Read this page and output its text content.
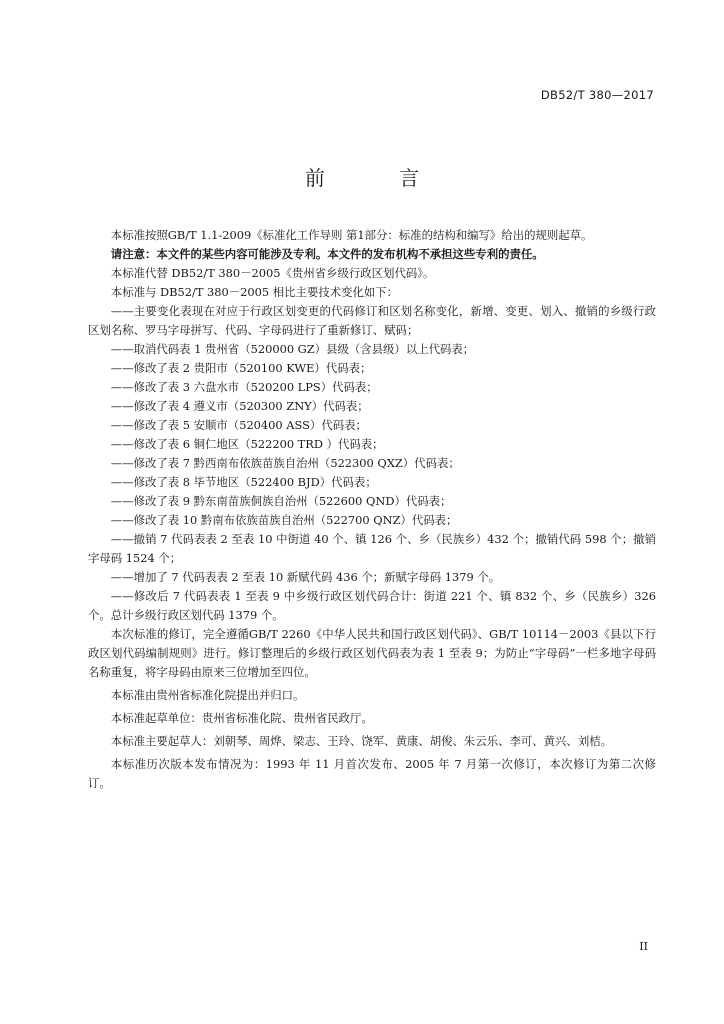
DB52/T 380—2017

前 言

本标准按照GB/T 1.1-2009《标准化工作导则 第1部分：标准的结构和编写》给出的规则起草。

请注意：本文件的某些内容可能涉及专利。本文件的发布机构不承担这些专利的责任。

本标准代替 DB52/T 380－2005《贵州省乡级行政区划代码》。

本标准与 DB52/T 380－2005 相比主要技术变化如下：

——主要变化表现在对应于行政区划变更的代码修订和区划名称变化，新增、变更、划入、撤销的乡级行政区划名称、罗马字母拼写、代码、字母码进行了重新修订、赋码；

——取消代码表 1 贵州省（520000 GZ）县级（含县级）以上代码表；

——修改了表 2 贵阳市（520100 KWE）代码表；

——修改了表 3 六盘水市（520200 LPS）代码表；

——修改了表 4 遵义市（520300 ZNY）代码表；

——修改了表 5 安顺市（520400 ASS）代码表；

——修改了表 6 铜仁地区（522200 TRD ）代码表；

——修改了表 7 黔西南布依族苗族自治州（522300 QXZ）代码表；

——修改了表 8 毕节地区（522400 BJD）代码表；

——修改了表 9 黔东南苗族侗族自治州（522600 QND）代码表；

——修改了表 10 黔南布依族苗族自治州（522700 QNZ）代码表；

——撤销 7 代码表表 2 至表 10 中街道 40 个、镇 126 个、乡（民族乡）432 个；撤销代码 598 个；撤销字母码 1524 个；

——增加了 7 代码表表 2 至表 10 新赋代码 436 个；新赋字母码 1379 个。

——修改后 7 代码表表 1 至表 9 中乡级行政区划代码合计：街道 221 个、镇 832 个、乡（民族乡）326 个。总计乡级行政区划代码 1379 个。

本次标准的修订，完全遵循GB/T 2260《中华人民共和国行政区划代码》、GB/T 10114－2003《县以下行政区划代码编制规则》进行。修订整理后的乡级行政区划代码表为表 1 至表 9；为防止“字母码”一栏多地字母码名称重复，将字母码由原来三位增加至四位。

本标准由贵州省标准化院提出并归口。

本标准起草单位：贵州省标准化院、贵州省民政厅。

本标准主要起草人：刘朝琴、周烨、梁志、王玲、饶军、黄康、胡俊、朱云乐、李可、黄兴、刘桔。

本标准历次版本发布情况为：1993 年 11 月首次发布、2005 年 7 月第一次修订，本次修订为第二次修订。

II
